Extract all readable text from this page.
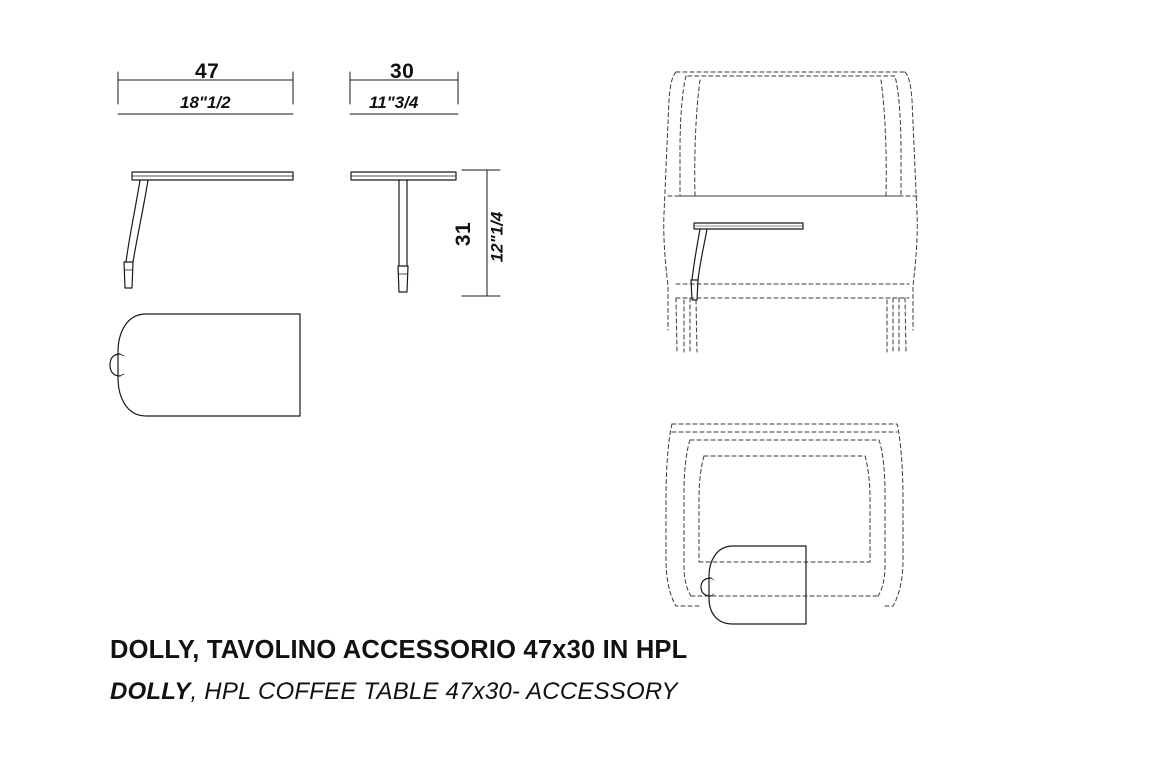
47
18"1/2
30
11"3/4
31 12"1/4
DOLLY, TAVOLINO ACCESSORIO 47x30 IN HPL
DOLLY, HPL COFFEE TABLE 47x30- ACCESSORY
